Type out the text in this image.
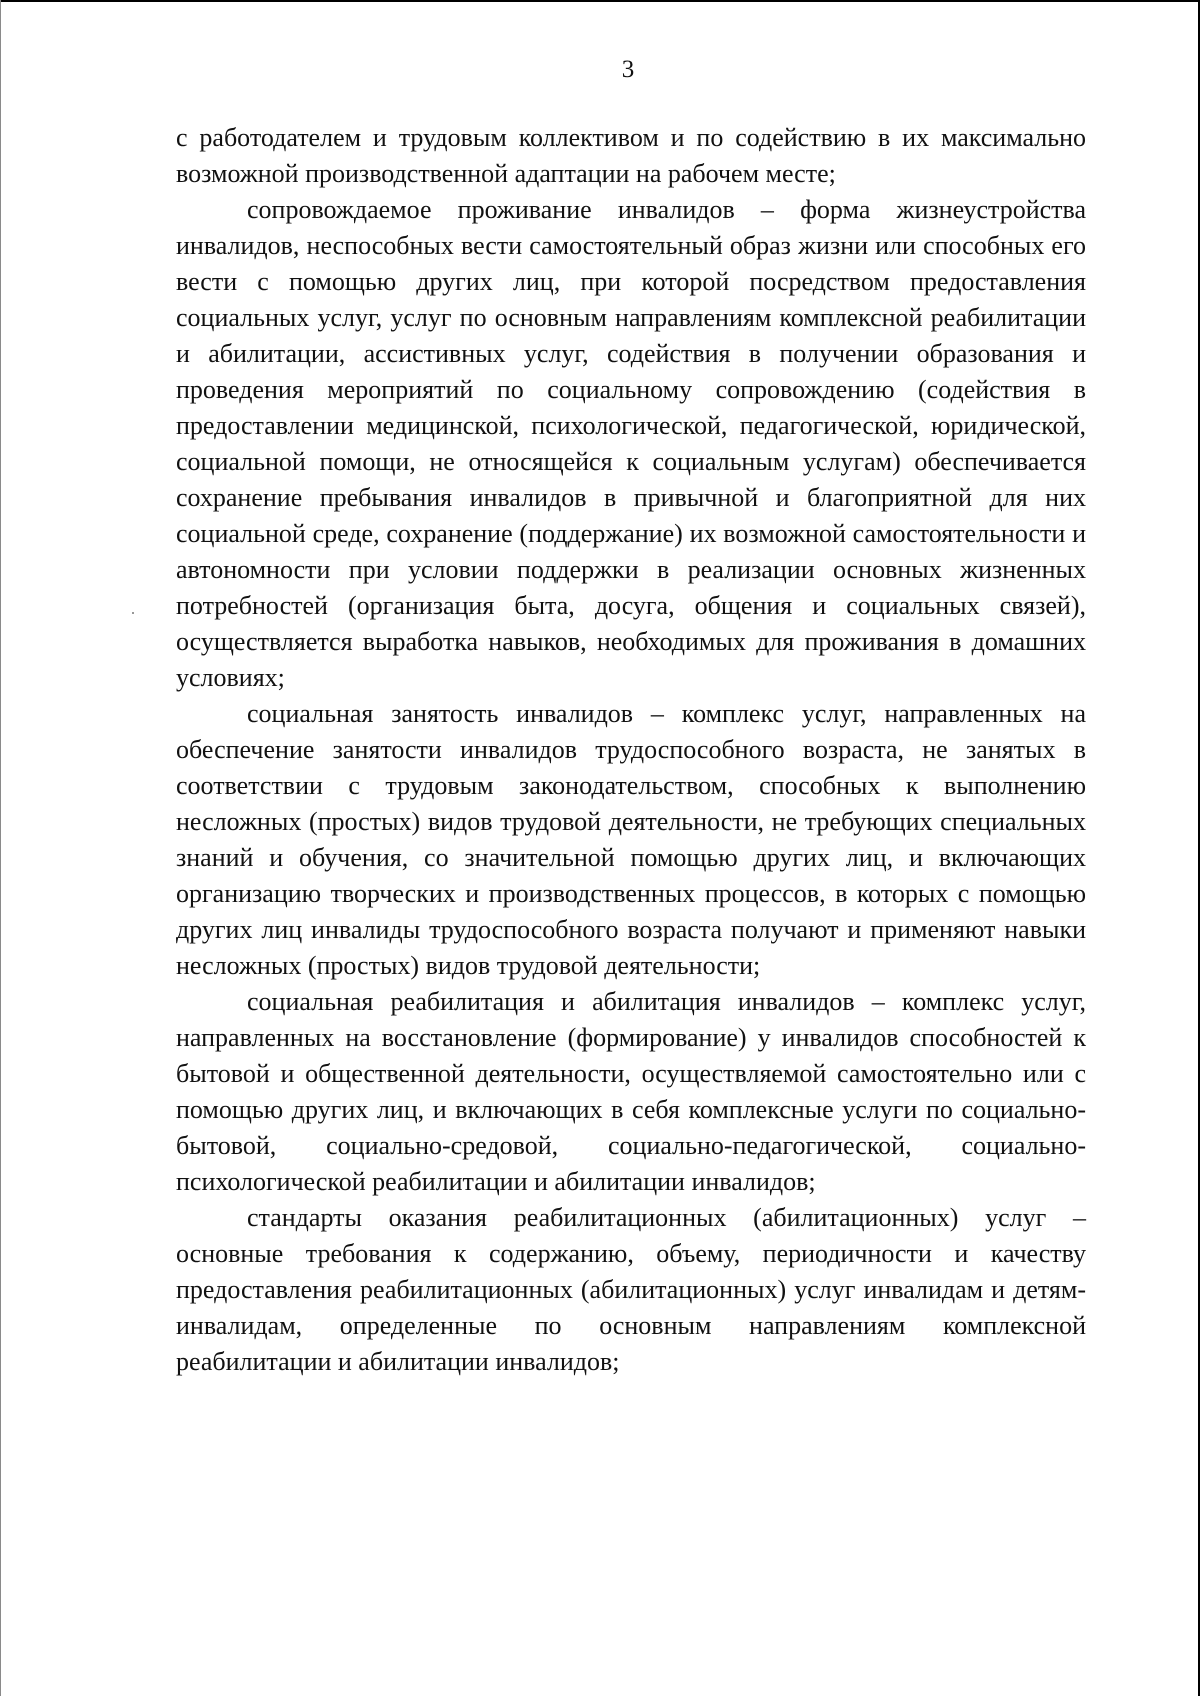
3

с работодателем и трудовым коллективом и по содействию в их максимально возможной производственной адаптации на рабочем месте;

сопровождаемое проживание инвалидов – форма жизнеустройства инвалидов, неспособных вести самостоятельный образ жизни или способных его вести с помощью других лиц, при которой посредством предоставления социальных услуг, услуг по основным направлениям комплексной реабилитации и абилитации, ассистивных услуг, содействия в получении образования и проведения мероприятий по социальному сопровождению (содействия в предоставлении медицинской, психологической, педагогической, юридической, социальной помощи, не относящейся к социальным услугам) обеспечивается сохранение пребывания инвалидов в привычной и благоприятной для них социальной среде, сохранение (поддержание) их возможной самостоятельности и автономности при условии поддержки в реализации основных жизненных потребностей (организация быта, досуга, общения и социальных связей), осуществляется выработка навыков, необходимых для проживания в домашних условиях;

социальная занятость инвалидов – комплекс услуг, направленных на обеспечение занятости инвалидов трудоспособного возраста, не занятых в соответствии с трудовым законодательством, способных к выполнению несложных (простых) видов трудовой деятельности, не требующих специальных знаний и обучения, со значительной помощью других лиц, и включающих организацию творческих и производственных процессов, в которых с помощью других лиц инвалиды трудоспособного возраста получают и применяют навыки несложных (простых) видов трудовой деятельности;

социальная реабилитация и абилитация инвалидов – комплекс услуг, направленных на восстановление (формирование) у инвалидов способностей к бытовой и общественной деятельности, осуществляемой самостоятельно или с помощью других лиц, и включающих в себя комплексные услуги по социально-бытовой, социально-средовой, социально-педагогической, социально-психологической реабилитации и абилитации инвалидов;

стандарты оказания реабилитационных (абилитационных) услуг – основные требования к содержанию, объему, периодичности и качеству предоставления реабилитационных (абилитационных) услуг инвалидам и детям-инвалидам, определенные по основным направлениям комплексной реабилитации и абилитации инвалидов;
